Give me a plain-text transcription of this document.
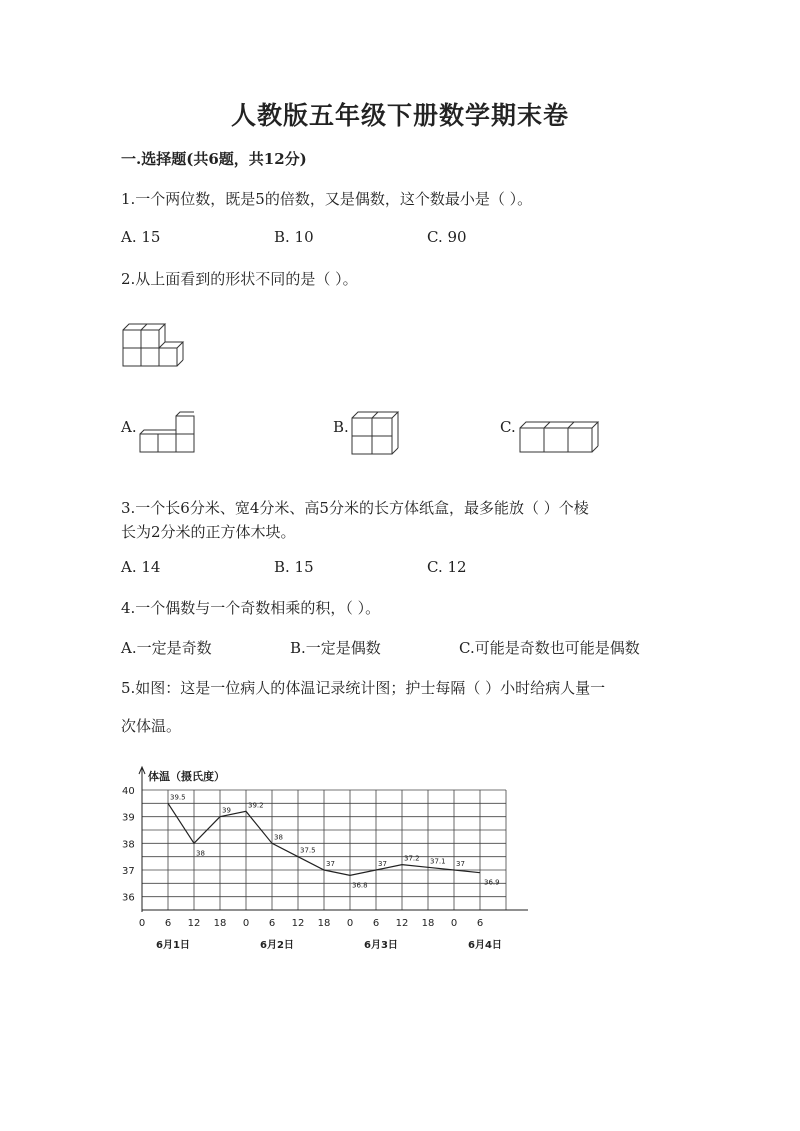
人教版五年级下册数学期末卷
一.选择题(共6题，共12分)
1.一个两位数，既是5的倍数，又是偶数，这个数最小是（ ）。
A. 15	B. 10	C. 90
2.从上面看到的形状不同的是（ ）。
A.	B.	C.
3.一个长6分米、宽4分米、高5分米的长方体纸盒，最多能放（ ）个棱
长为2分米的正方体木块。
A. 14	B. 15	C. 12
4.一个偶数与一个奇数相乘的积，（ ）。
A.一定是奇数	B.一定是偶数	C.可能是奇数也可能是偶数
5.如图：这是一位病人的体温记录统计图；护士每隔（ ）小时给病人量一
次体温。
36
37
38
39
40
0 6 12 18 0 6 12 18 0 6 12 18 0 6
6月1日	6月2日	6月3日	6月4日
39.5
38
39
39.2
38
37.5
37
36.8
37
37.2 37.1 37
36.9
体温（摄氏度）
